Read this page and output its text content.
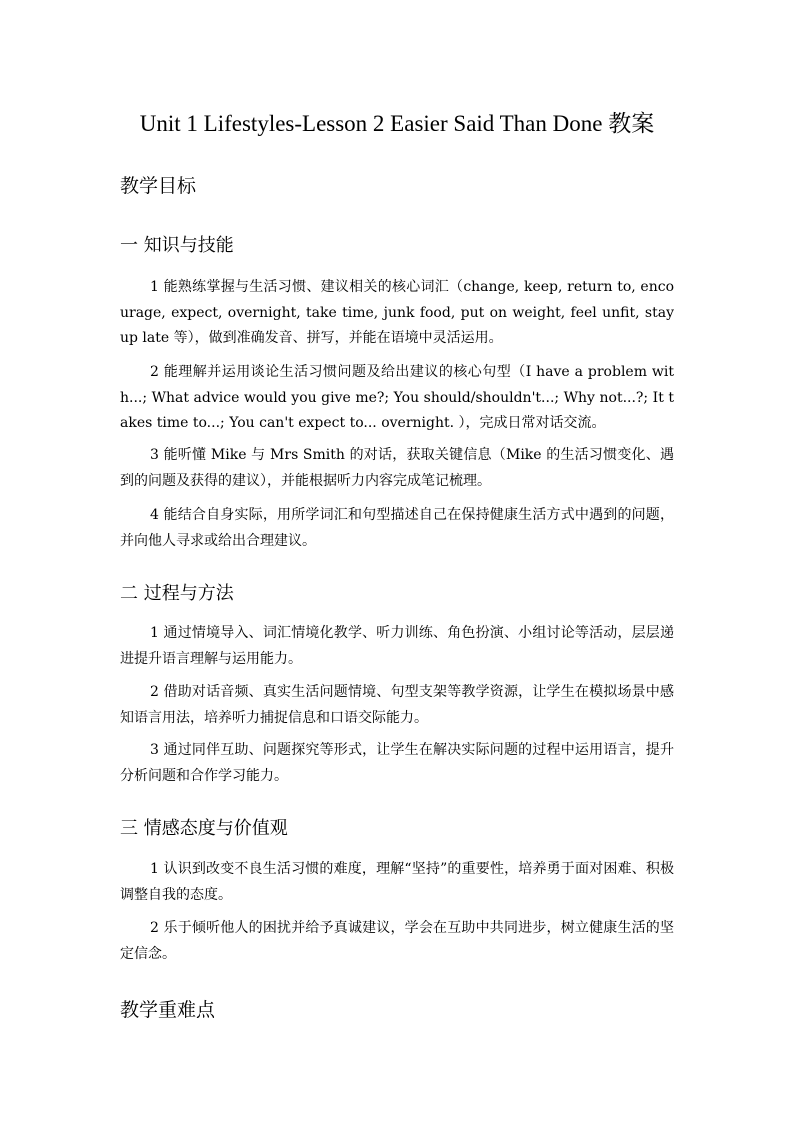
Unit 1 Lifestyles-Lesson 2 Easier Said Than Done 教案
教学目标
一 知识与技能

1 能熟练掌握与生活习惯、建议相关的核心词汇（change, keep, return to, encourage, expect, overnight, take time, junk food, put on weight, feel unfit, stay up late 等），做到准确发音、拼写，并能在语境中灵活运用。

2 能理解并运用谈论生活习惯问题及给出建议的核心句型（I have a problem with...; What advice would you give me?; You should/shouldn't...; Why not...?; It takes time to...; You can't expect to... overnight. ），完成日常对话交流。

3 能听懂 Mike 与 Mrs Smith 的对话，获取关键信息（Mike 的生活习惯变化、遇到的问题及获得的建议），并能根据听力内容完成笔记梳理。

4 能结合自身实际，用所学词汇和句型描述自己在保持健康生活方式中遇到的问题，并向他人寻求或给出合理建议。

二 过程与方法

1 通过情境导入、词汇情境化教学、听力训练、角色扮演、小组讨论等活动，层层递进提升语言理解与运用能力。

2 借助对话音频、真实生活问题情境、句型支架等教学资源，让学生在模拟场景中感知语言用法，培养听力捕捉信息和口语交际能力。

3 通过同伴互助、问题探究等形式，让学生在解决实际问题的过程中运用语言，提升分析问题和合作学习能力。

三 情感态度与价值观

1 认识到改变不良生活习惯的难度，理解“坚持”的重要性，培养勇于面对困难、积极调整自我的态度。

2 乐于倾听他人的困扰并给予真诚建议，学会在互助中共同进步，树立健康生活的坚定信念。

教学重难点
